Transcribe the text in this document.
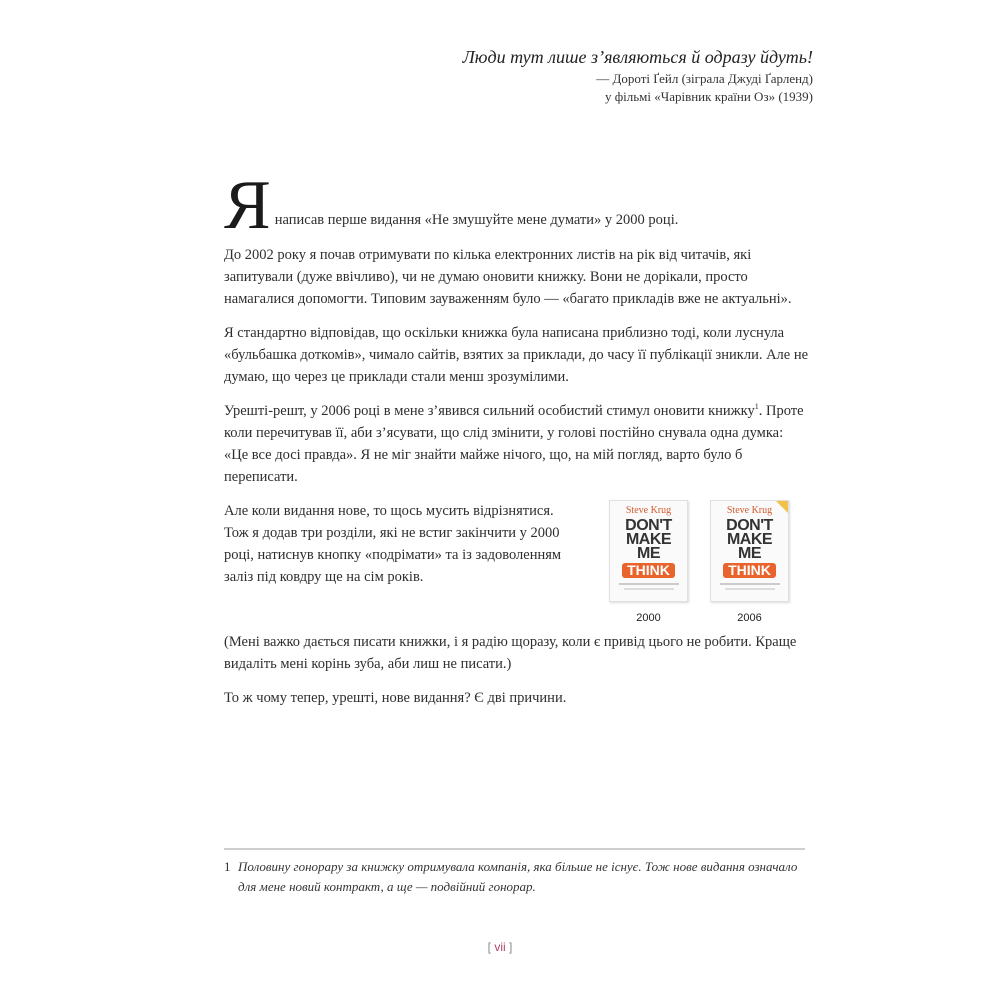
Люди тут лише з’являються й одразу йдуть!
— Дороті Ґейл (зіграла Джуді Ґарленд)
у фільмі «Чарівник країни Оз» (1939)
Я написав перше видання «Не змушуйте мене думати» у 2000 році.

До 2002 року я почав отримувати по кілька електронних листів на рік від читачів, які запитували (дуже ввічливо), чи не думаю оновити книжку. Вони не дорікали, просто намагалися допомогти. Типовим зауваженням було — «багато прикладів вже не актуальні».

Я стандартно відповідав, що оскільки книжка була написана приблизно тоді, коли луснула «бульбашка доткомів», чимало сайтів, взятих за приклади, до часу її публікації зникли. Але не думаю, що через це приклади стали менш зрозумілими.

Урешті-решт, у 2006 році в мене з’явився сильний особистий стимул оновити книжку$^1$. Проте коли перечитував її, аби з’ясувати, що слід змінити, у голові постійно снувала одна думка: «Це все досі правда». Я не міг знайти майже нічого, що, на мій погляд, варто було б переписати.

Але коли видання нове, то щось мусить відрізнятися. Тож я додав три розділи, які не встиг закінчити у 2000 році, натиснув кнопку «подрімати» та із задоволенням заліз під ковдру ще на сім років.

Steve Krug
DON'T
MAKE
ME
THINK
2000
Steve Krug
DON'T
MAKE
ME
THINK
2006

(Мені важко дається писати книжки, і я радію щоразу, коли є привід цього не робити. Краще видаліть мені корінь зуба, аби лиш не писати.)

То ж чому тепер, урешті, нове видання? Є дві причини.

1 Половину гонорару за книжку отримувала компанія, яка більше не існує. Тож нове видання означало для мене новий контракт, а ще — подвійний гонорар.
[ vii ]
